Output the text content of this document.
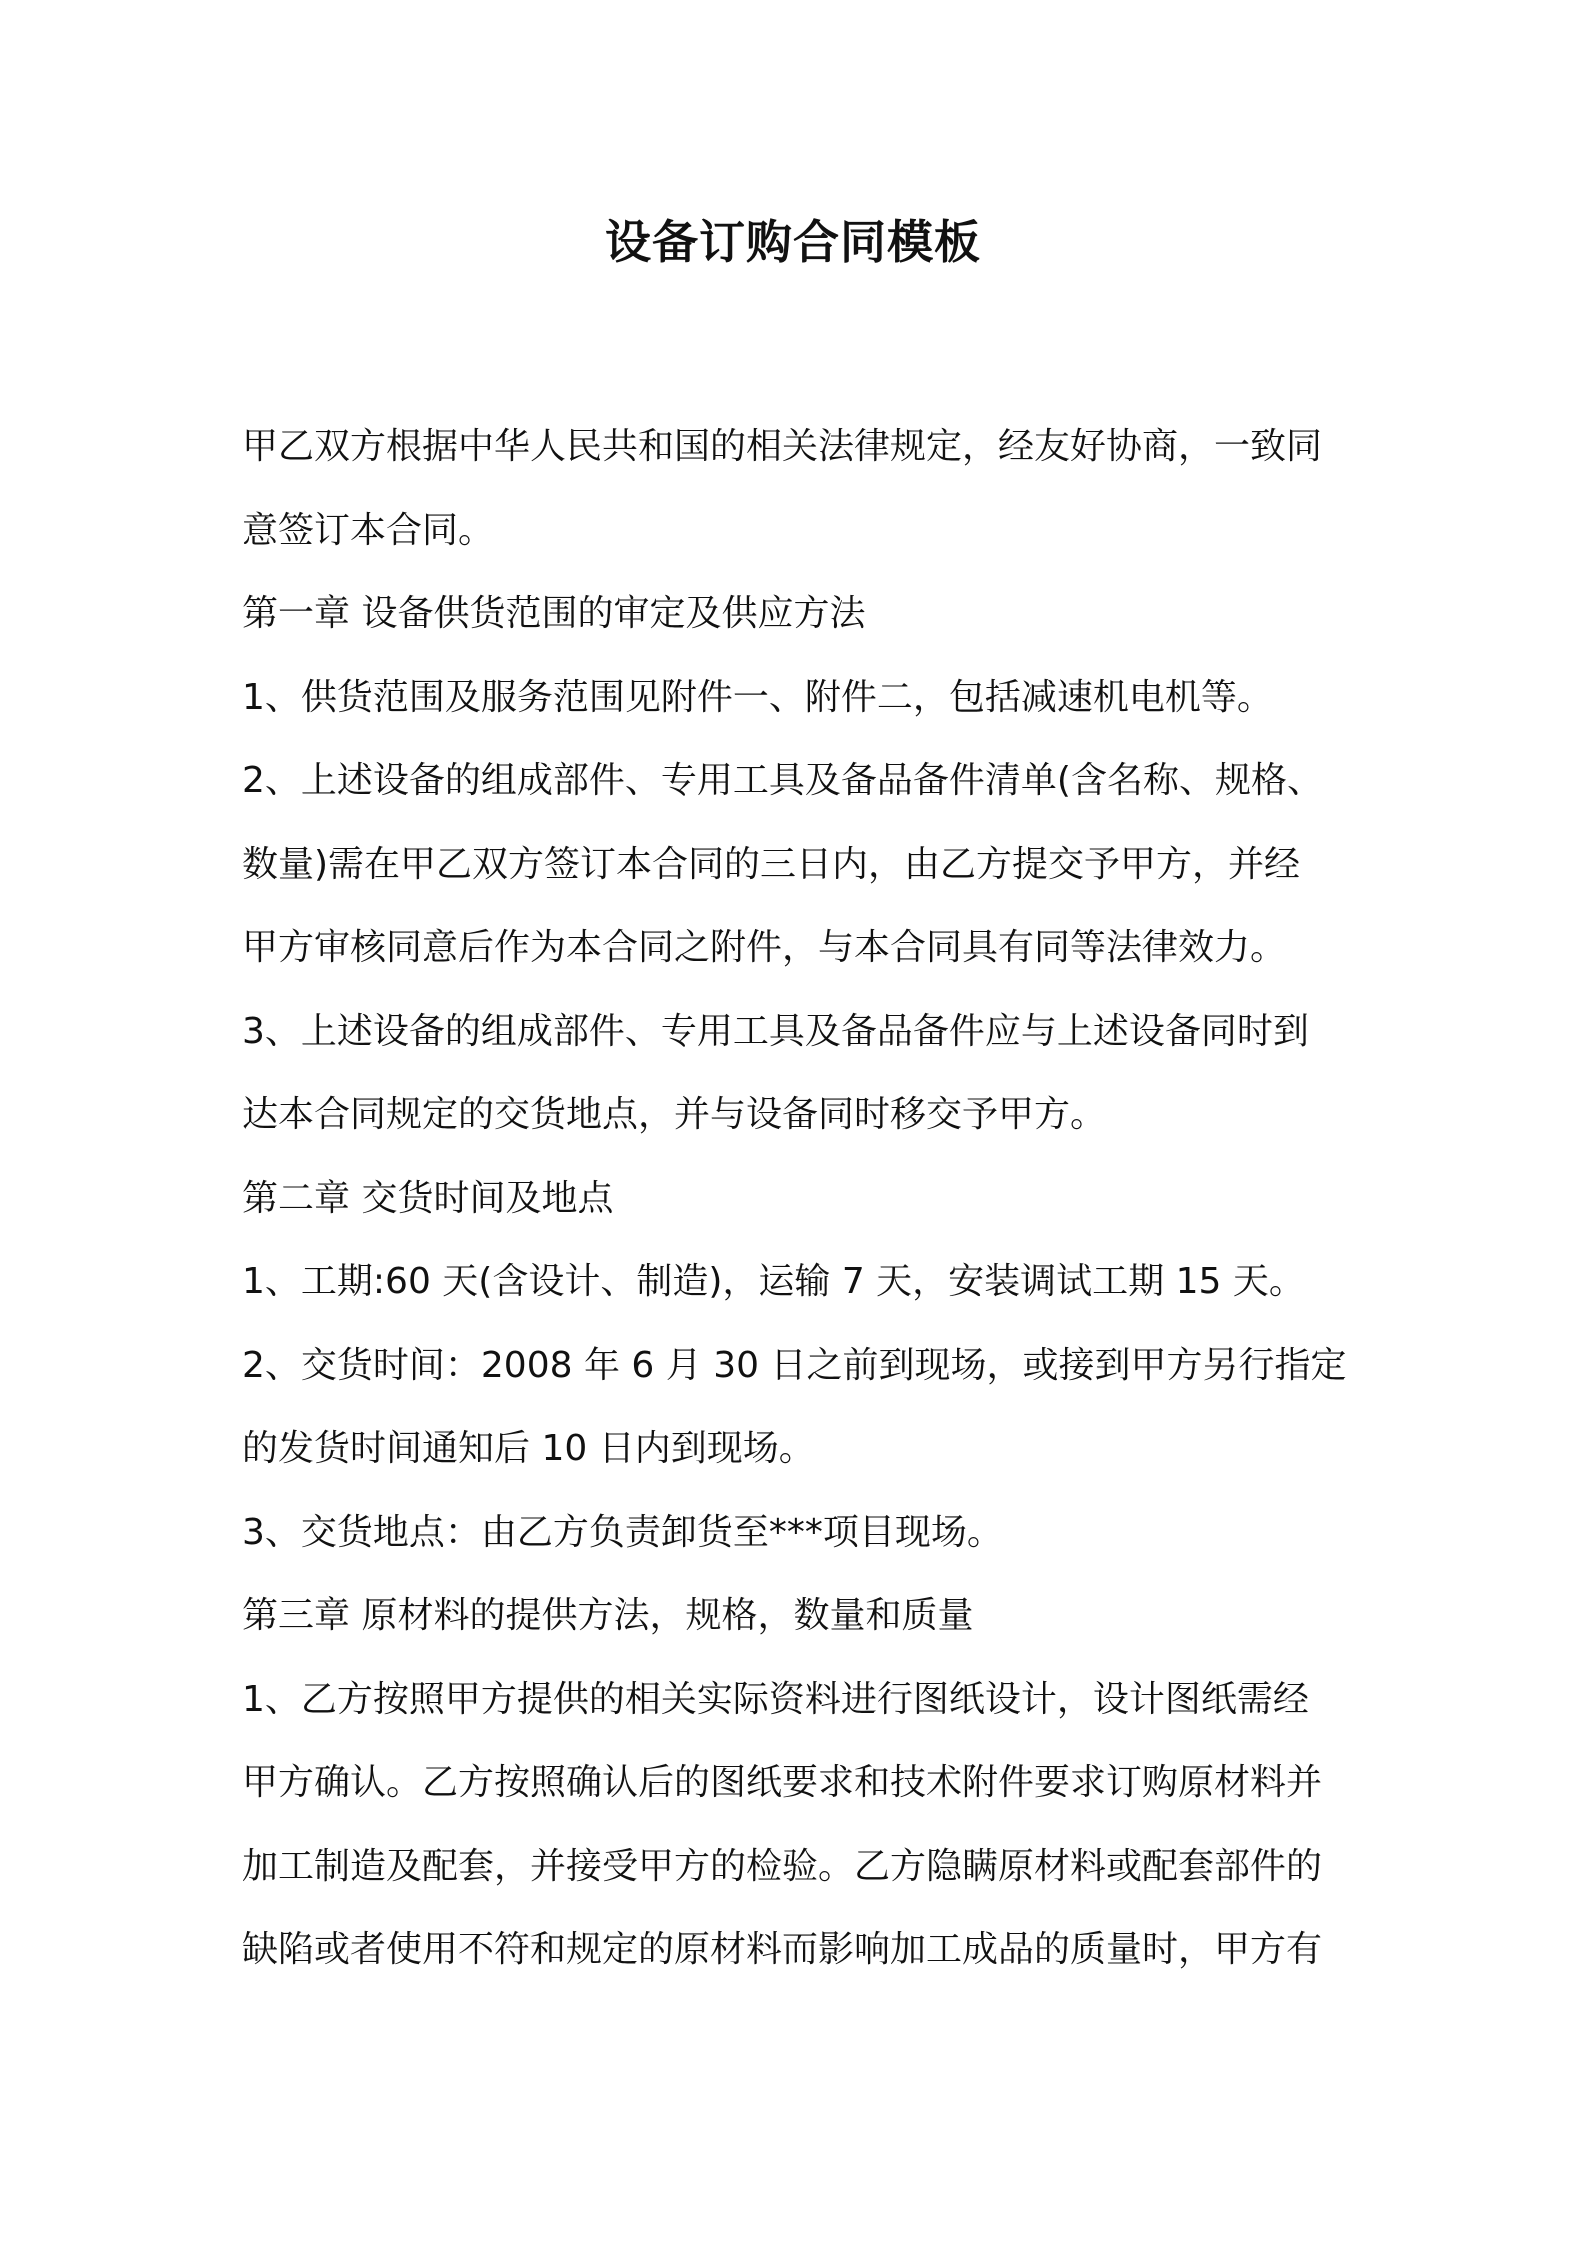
设备订购合同模板
甲乙双方根据中华人民共和国的相关法律规定，经友好协商，一致同
意签订本合同。
第一章 设备供货范围的审定及供应方法
1、供货范围及服务范围见附件一、附件二，包括减速机电机等。
2、上述设备的组成部件、专用工具及备品备件清单(含名称、规格、
数量)需在甲乙双方签订本合同的三日内，由乙方提交予甲方，并经
甲方审核同意后作为本合同之附件，与本合同具有同等法律效力。
3、上述设备的组成部件、专用工具及备品备件应与上述设备同时到
达本合同规定的交货地点，并与设备同时移交予甲方。
第二章 交货时间及地点
1、工期:60 天(含设计、制造)，运输 7 天，安装调试工期 15 天。
2、交货时间：2008 年 6 月 30 日之前到现场，或接到甲方另行指定
的发货时间通知后 10 日内到现场。
3、交货地点：由乙方负责卸货至***项目现场。
第三章 原材料的提供方法，规格，数量和质量
1、乙方按照甲方提供的相关实际资料进行图纸设计，设计图纸需经
甲方确认。乙方按照确认后的图纸要求和技术附件要求订购原材料并
加工制造及配套，并接受甲方的检验。乙方隐瞒原材料或配套部件的
缺陷或者使用不符和规定的原材料而影响加工成品的质量时，甲方有
